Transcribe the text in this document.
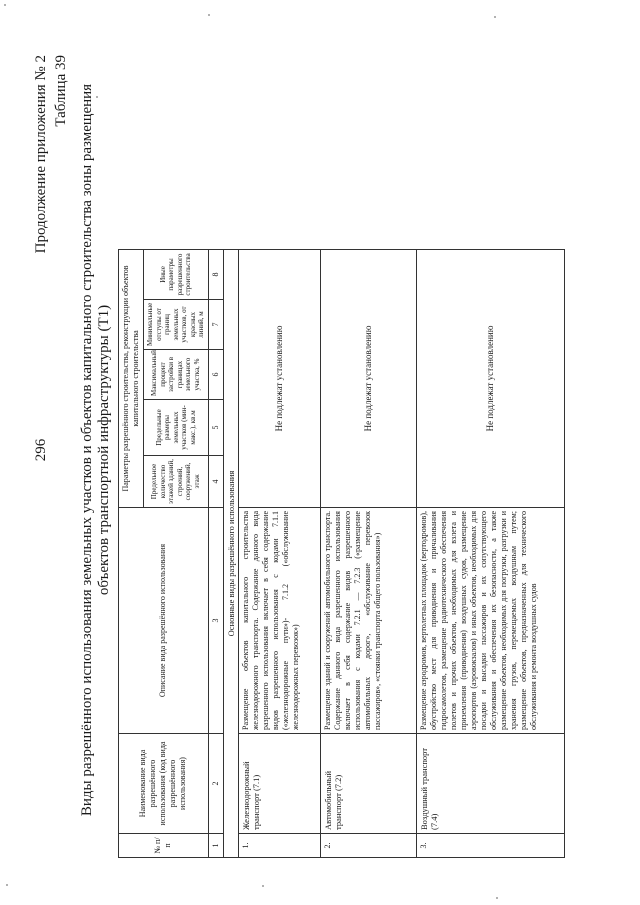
296
Продолжение приложения № 2 Таблица 39 Виды разрешённого использования земельных участков и объектов капитального строительства зоны размещения объектов транспортной инфраструктуры (Т1)
№ п/п	Наименование вида разрешённого использования (код вида разрешённого использования)	Описание вида разрешённого использования	Параметры разрешённого строительства, реконструкции объектов капитального строительства					
			Предельное количество этажей зданий, строений, сооружений, этаж	Предельные размеры земельных участков (мин-макс.), кв.м	Максимальный процент застройки в границах земельного участка, %	Минимальные отступы от границ земельных участков, от красных линий, м	Иные параметры разрешенного строительства	
1	2	3	4	5	6	7	8	
Основные виды разрешённого использования								
1.	Железнодорожный транспорт (7.1)	Размещение объектов капитального строительства железнодорожного транспорта. Содержание данного вида разрешенного использования включает в себя содержание видов разрешенного использования с кодами 7.1.1 («железнодорожные пути»)- 7.1.2 («обслуживание железнодорожных перевозок»)	Не подлежат установлению					
2.	Автомобильный транспорт (7.2)	Размещение зданий и сооружений автомобильного транспорта. Содержание данного вида разрешенного использования включает в себя содержание видов разрешенного использования с кодами 7.2.1 — 7.2.3 («размещение автомобильных дорог», «обслуживание перевозок пассажиров», «стоянки транспорта общего пользования»)	Не подлежат установлению					
3.	Воздушный транспорт (7.4)	Размещение аэродромов, вертолетных площадок (вертодромов), обустройство мест для приводнения и причаливания гидросамолетов, размещение радиотехнического обеспечения полетов и прочих объектов, необходимых для взлета и приземления (приводнения) воздушных судов, размещение аэропортов (аэровокзалов) и иных объектов, необходимых для посадки и высадки пассажиров и их сопутствующего обслуживания и обеспечения их безопасности, а также размещение объектов, необходимых для погрузки, разгрузки и хранения грузов, перемещаемых воздушным путем; размещение объектов, предназначенных для технического обслуживания и ремонта воздушных судов	Не подлежат установлению					
